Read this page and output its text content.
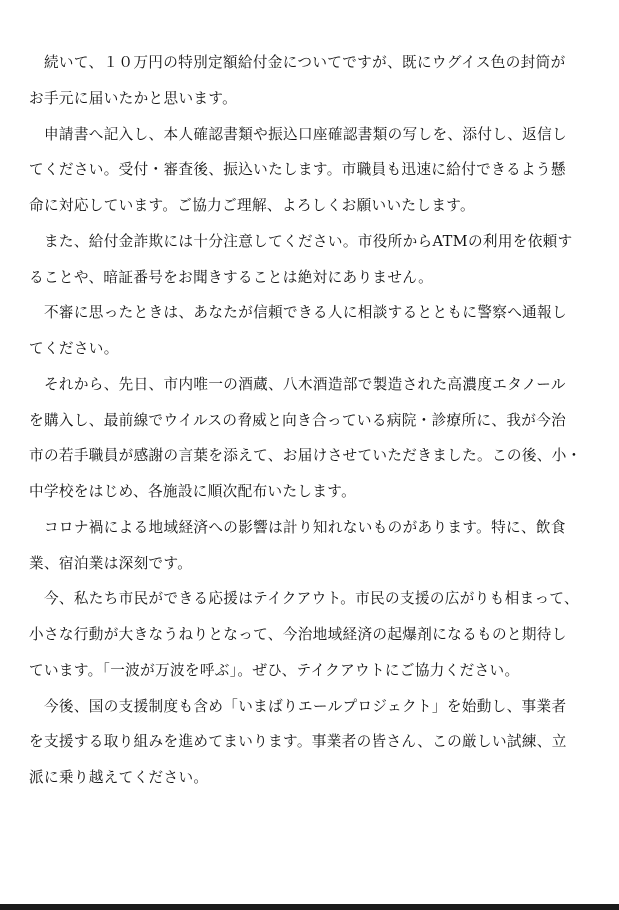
　続いて、１０万円の特別定額給付金についてですが、既にウグイス色の封筒が
お手元に届いたかと思います。
　申請書へ記入し、本人確認書類や振込口座確認書類の写しを、添付し、返信し
てください。受付・審査後、振込いたします。市職員も迅速に給付できるよう懸
命に対応しています。ご協力ご理解、よろしくお願いいたします。
　また、給付金詐欺には十分注意してください。市役所からATMの利用を依頼す
ることや、暗証番号をお聞きすることは絶対にありません。
　不審に思ったときは、あなたが信頼できる人に相談するとともに警察へ通報し
てください。
　それから、先日、市内唯一の酒蔵、八木酒造部で製造された高濃度エタノール
を購入し、最前線でウイルスの脅威と向き合っている病院・診療所に、我が今治
市の若手職員が感謝の言葉を添えて、お届けさせていただきました。この後、小・
中学校をはじめ、各施設に順次配布いたします。
　コロナ禍による地域経済への影響は計り知れないものがあります。特に、飲食
業、宿泊業は深刻です。
　今、私たち市民ができる応援はテイクアウト。市民の支援の広がりも相まって、
小さな行動が大きなうねりとなって、今治地域経済の起爆剤になるものと期待し
ています。「一波が万波を呼ぶ」。ぜひ、テイクアウトにご協力ください。
　今後、国の支援制度も含め「いまばりエールプロジェクト」を始動し、事業者
を支援する取り組みを進めてまいります。事業者の皆さん、この厳しい試練、立
派に乗り越えてください。
